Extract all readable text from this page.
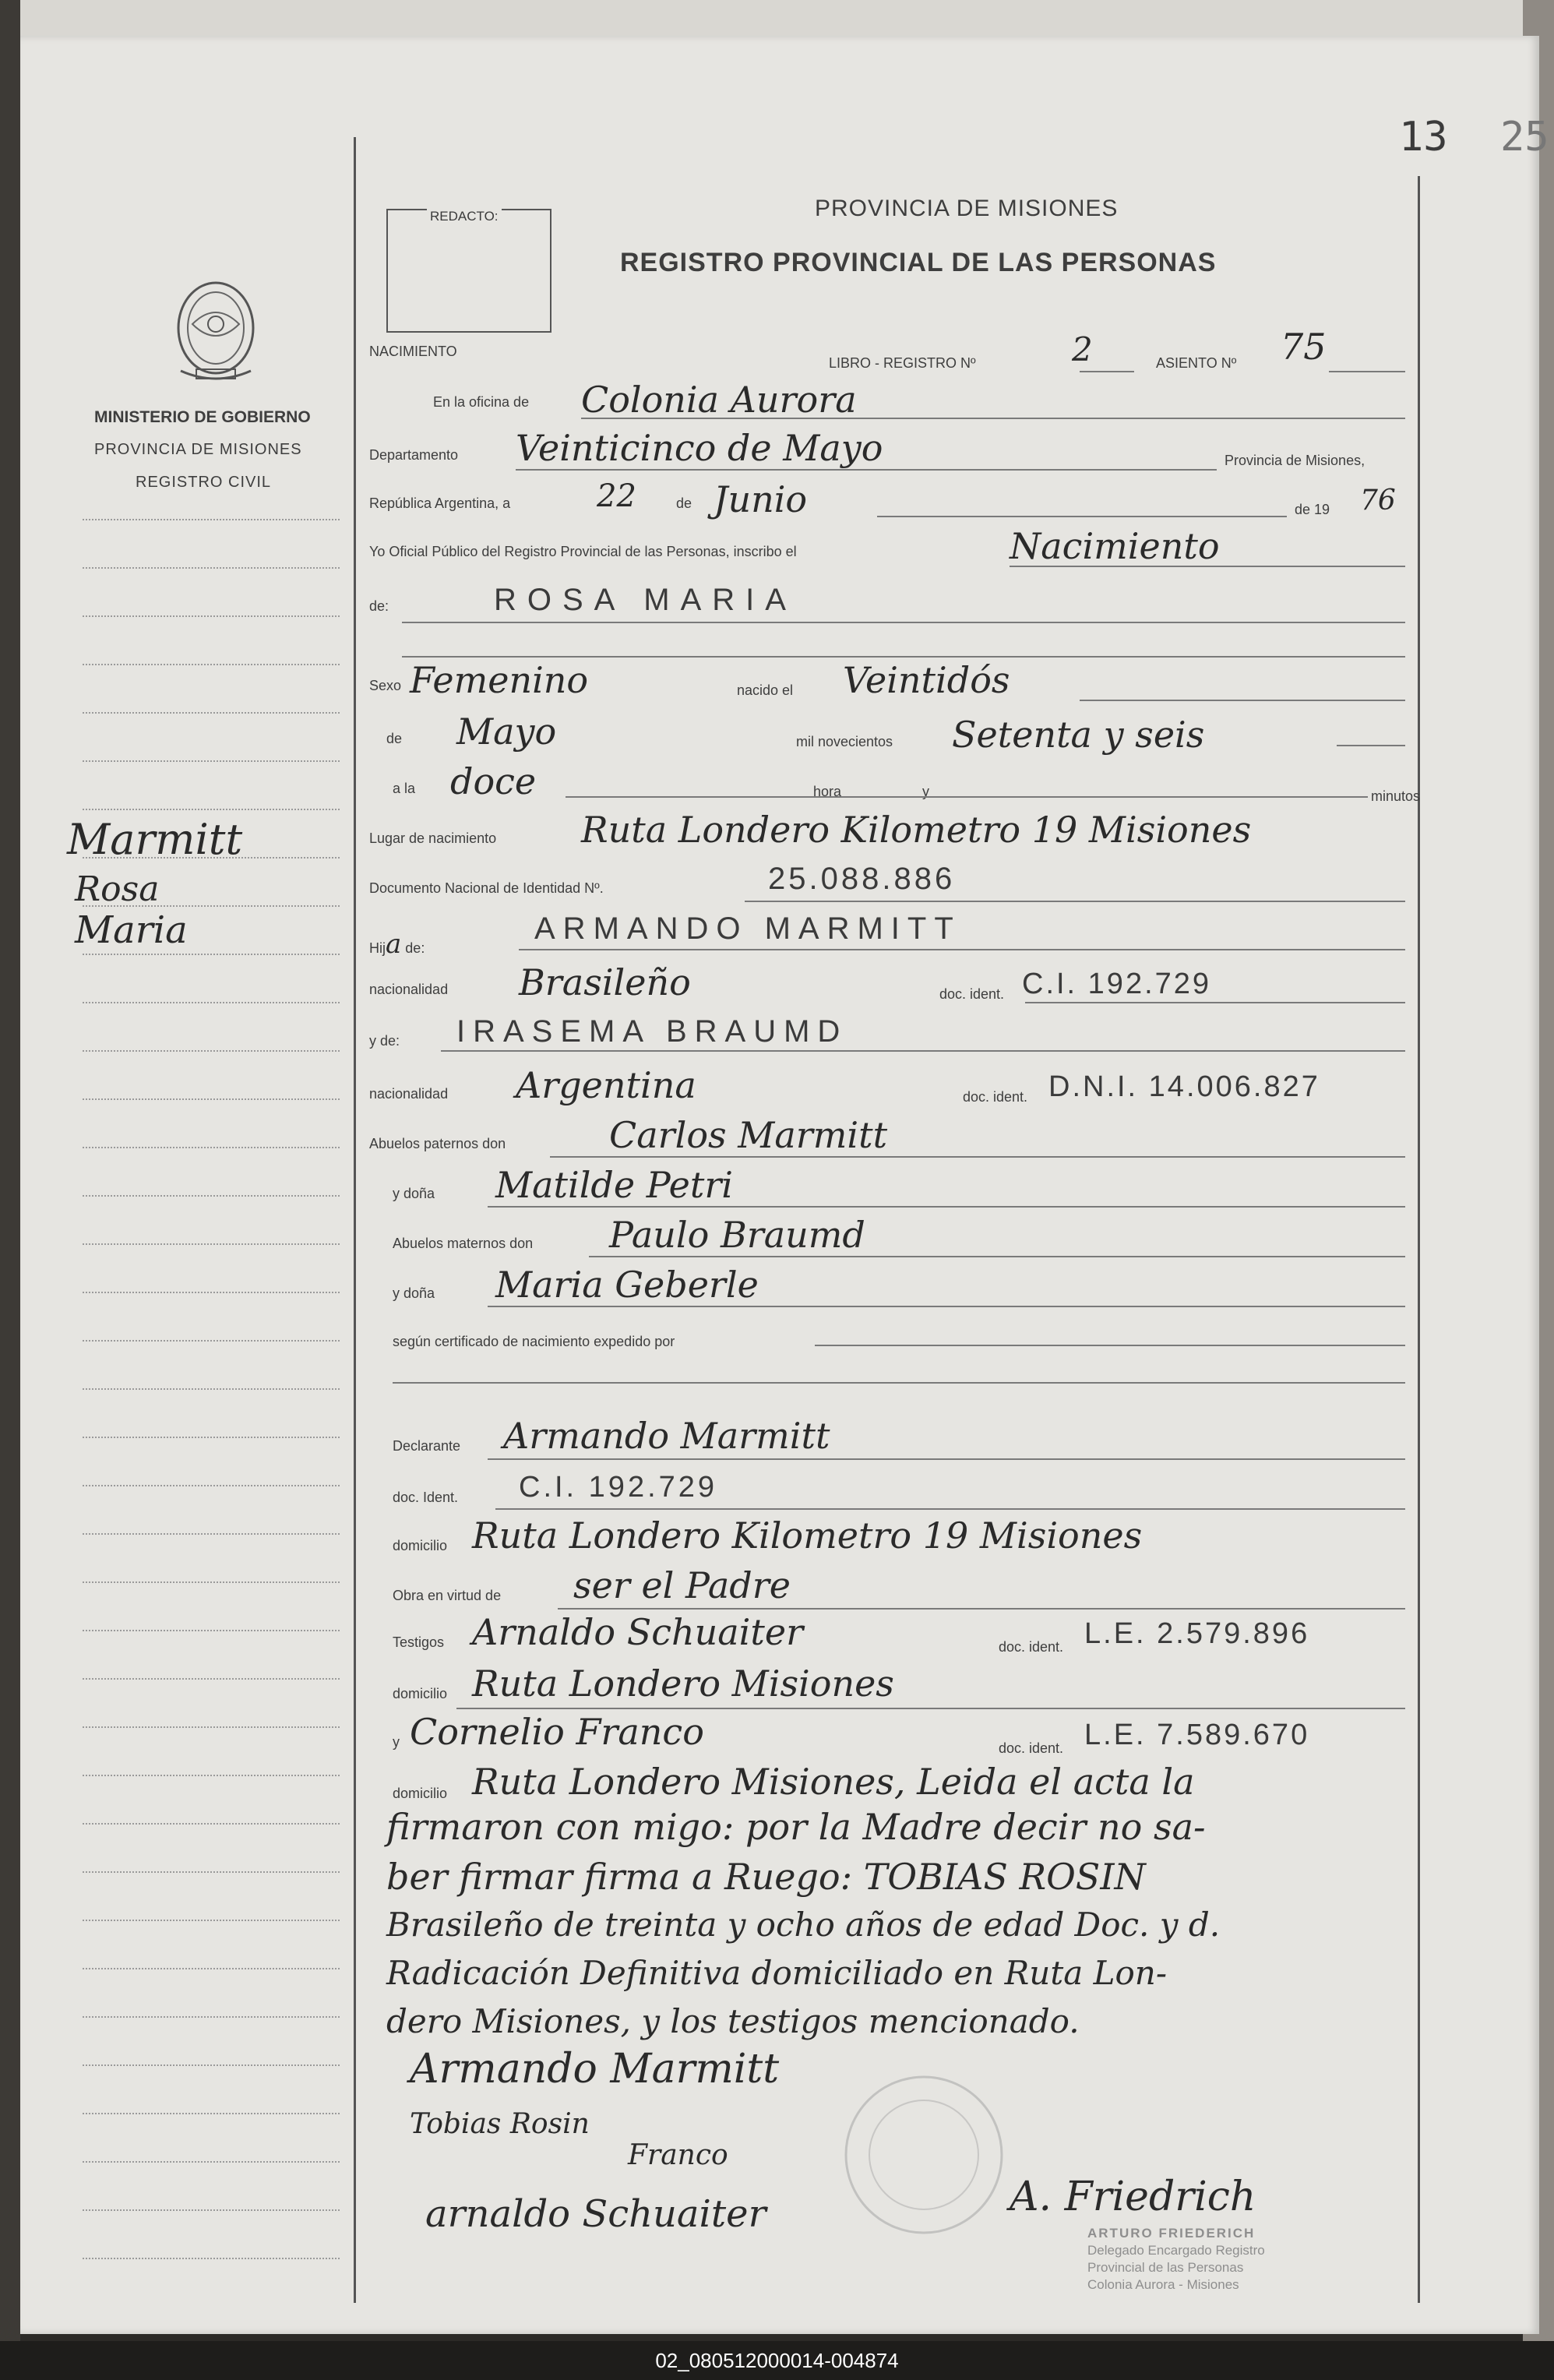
13 25
REDACTO:	PROVINCIA DE MISIONES
REGISTRO PROVINCIAL DE LAS PERSONAS
MINISTERIO DE GOBIERNO
PROVINCIA DE MISIONES
REGISTRO CIVIL
Marmitt
Rosa
Maria
NACIMIENTO
LIBRO - REGISTRO Nº	2	ASIENTO Nº 75
En la oficina de Colonia Aurora
Departamento Veinticinco de Mayo	Provincia de Misiones,
República Argentina, a	22	de Junio	de 19 76
Yo Oficial Público del Registro Provincial de las Personas, inscribo el	Nacimiento
de:	ROSA MARIA
Sexo Femenino	nacido el Veintidós
de Mayo	mil novecientos Setenta y seis
a la doce	hora	y	minutos
Lugar de nacimiento Ruta Londero Kilometro 19 Misiones
Documento Nacional de Identidad Nº.	25.088.886
Hija de:
ARMANDO MARMITT
nacionalidad Brasileño	doc. ident. C.I. 192.729
y de: IRASEMA BRAUMD
nacionalidad Argentina	doc. ident. D.N.I. 14.006.827
Abuelos paternos don	Carlos Marmitt
y doña Matilde Petri
Abuelos maternos don Paulo Braumd
y doña Maria Geberle
según certificado de nacimiento expedido por
Declarante Armando Marmitt
doc. Ident. C.I. 192.729
domicilio Ruta Londero Kilometro 19 Misiones
Obra en virtud de ser el Padre
Testigos Arnaldo Schuaiter	doc. ident. L.E. 2.579.896
domicilio Ruta Londero Misiones
y Cornelio Franco	doc. ident. L.E. 7.589.670
domicilio Ruta Londero Misiones, Leida el acta la
firmaron con migo: por la Madre decir no sa-
ber firmar firma a Ruego: TOBIAS ROSIN
Brasileño de treinta y ocho años de edad Doc. y d.
Radicación Definitiva domiciliado en Ruta Lon-
dero Misiones, y los testigos mencionado.
Armando Marmitt
Tobias Rosin
Franco
arnaldo Schuaiter	A. Friedrich
ARTURO FRIEDERICH
Delegado Encargado Registro
Provincial de las Personas
Colonia Aurora - Misiones
02_080512000014-004874
